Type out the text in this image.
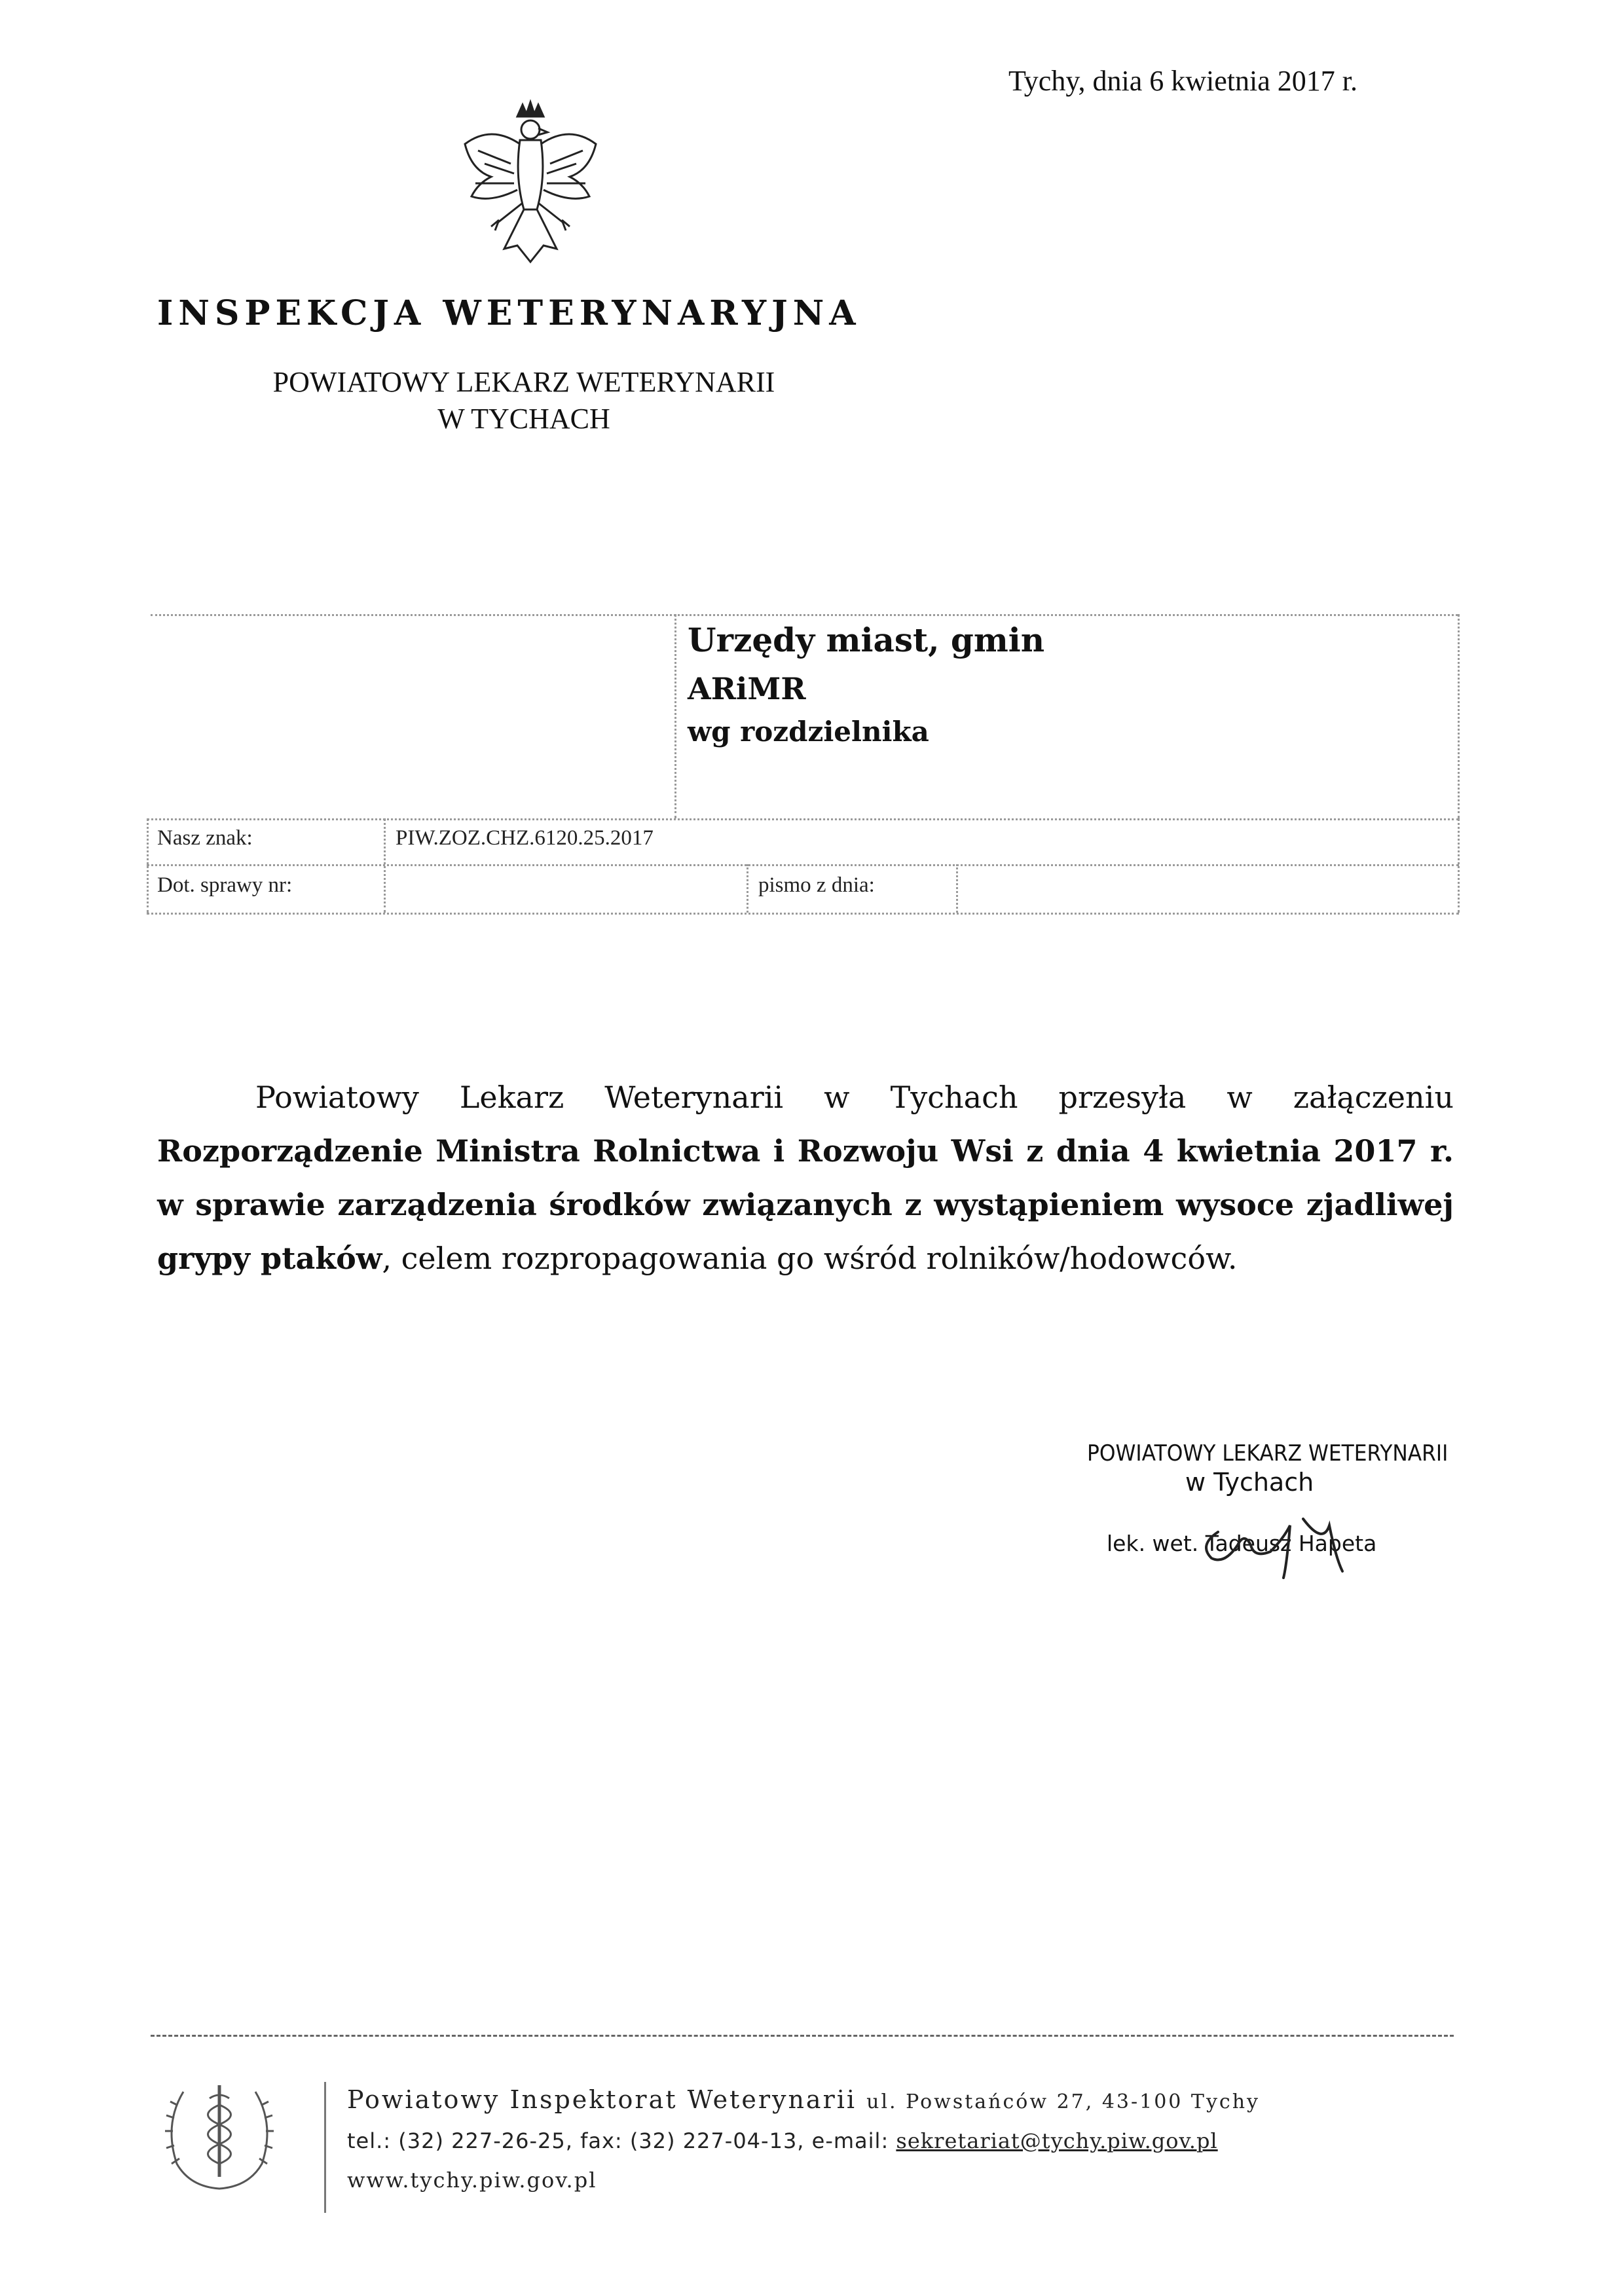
Tychy, dnia 6 kwietnia 2017 r.
INSPEKCJA WETERYNARYJNA
POWIATOWY LEKARZ WETERYNARII
W TYCHACH
Urzędy miast, gmin
ARiMR
wg rozdzielnika
Nasz znak:	PIW.ZOZ.CHZ.6120.25.2017
Dot. sprawy nr:	pismo z dnia:
Powiatowy Lekarz Weterynarii w Tychach przesyła w załączeniu Rozporządzenie Ministra Rolnictwa i Rozwoju Wsi z dnia 4 kwietnia 2017 r. w sprawie zarządzenia środków związanych z wystąpieniem wysoce zjadliwej grypy ptaków, celem rozpropagowania go wśród rolników/hodowców.
POWIATOWY LEKARZ WETERYNARII
w Tychach
lek. wet. Tadeusz Hapeta
Powiatowy Inspektorat Weterynarii ul. Powstańców 27, 43-100 Tychy
tel.: (32) 227-26-25, fax: (32) 227-04-13, e-mail: sekretariat@tychy.piw.gov.pl
www.tychy.piw.gov.pl
